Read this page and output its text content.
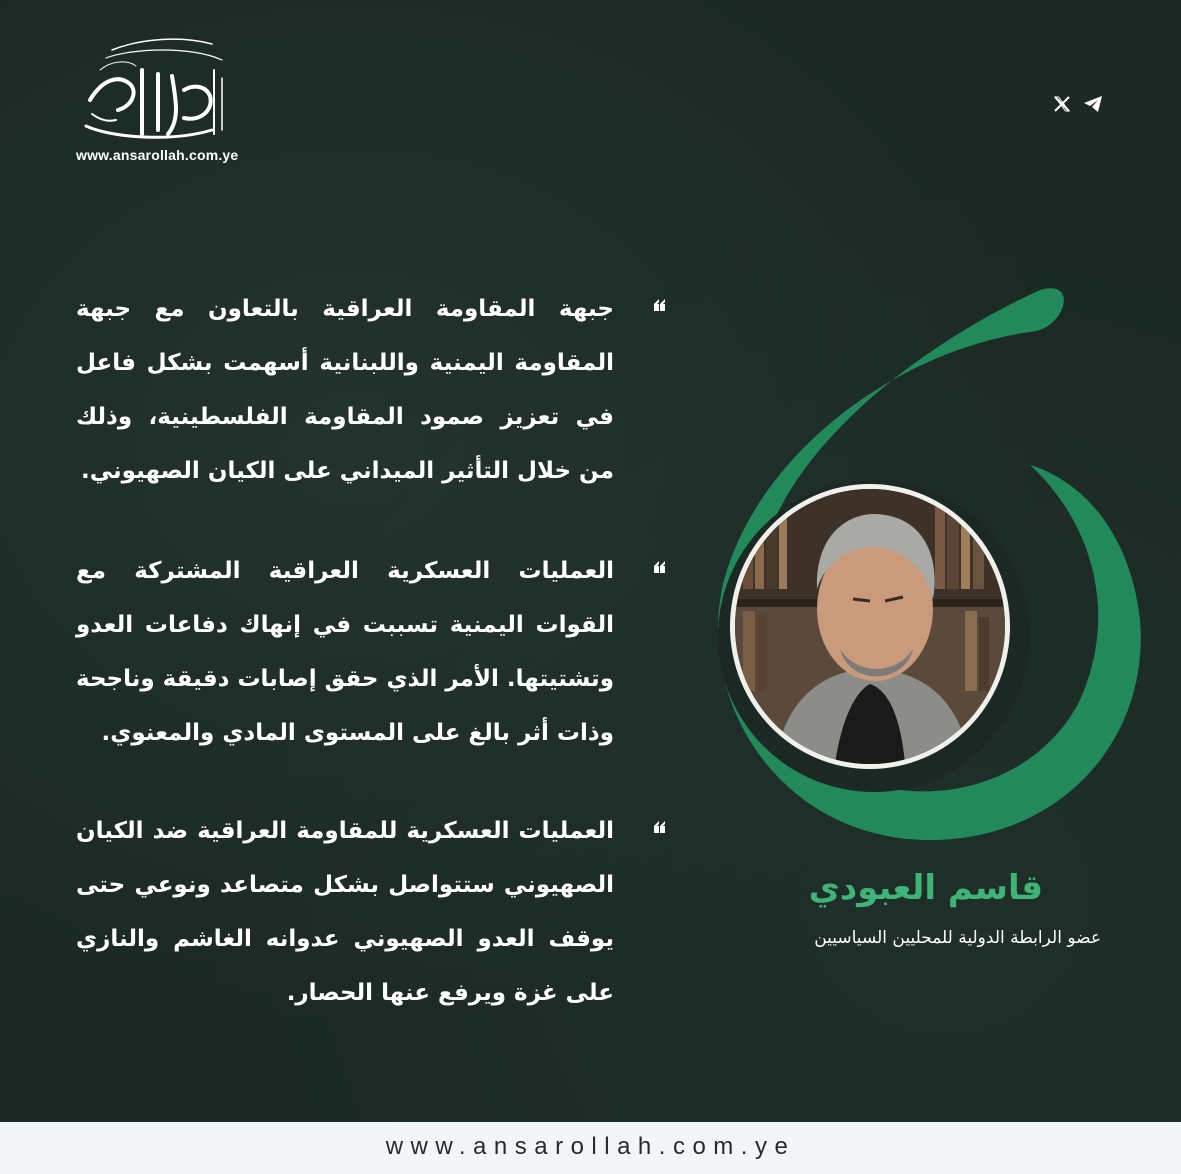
www.ansarollah.com.ye
قاسم العبودي
عضو الرابطة الدولية للمحليين السياسيين
جبهة المقاومة العراقية بالتعاون مع جبهة المقاومة اليمنية واللبنانية أسهمت بشكل فاعل في تعزيز صمود المقاومة الفلسطينية، وذلك من خلال التأثير الميداني على الكيان الصهيوني.
العمليات العسكرية العراقية المشتركة مع القوات اليمنية تسببت في إنهاك دفاعات العدو وتشتيتها. الأمر الذي حقق إصابات دقيقة وناجحة وذات أثر بالغ على المستوى المادي والمعنوي.
العمليات العسكرية للمقاومة العراقية ضد الكيان الصهيوني ستتواصل بشكل متصاعد ونوعي حتى يوقف العدو الصهيوني عدوانه الغاشم والنازي على غزة ويرفع عنها الحصار.
www.ansarollah.com.ye
